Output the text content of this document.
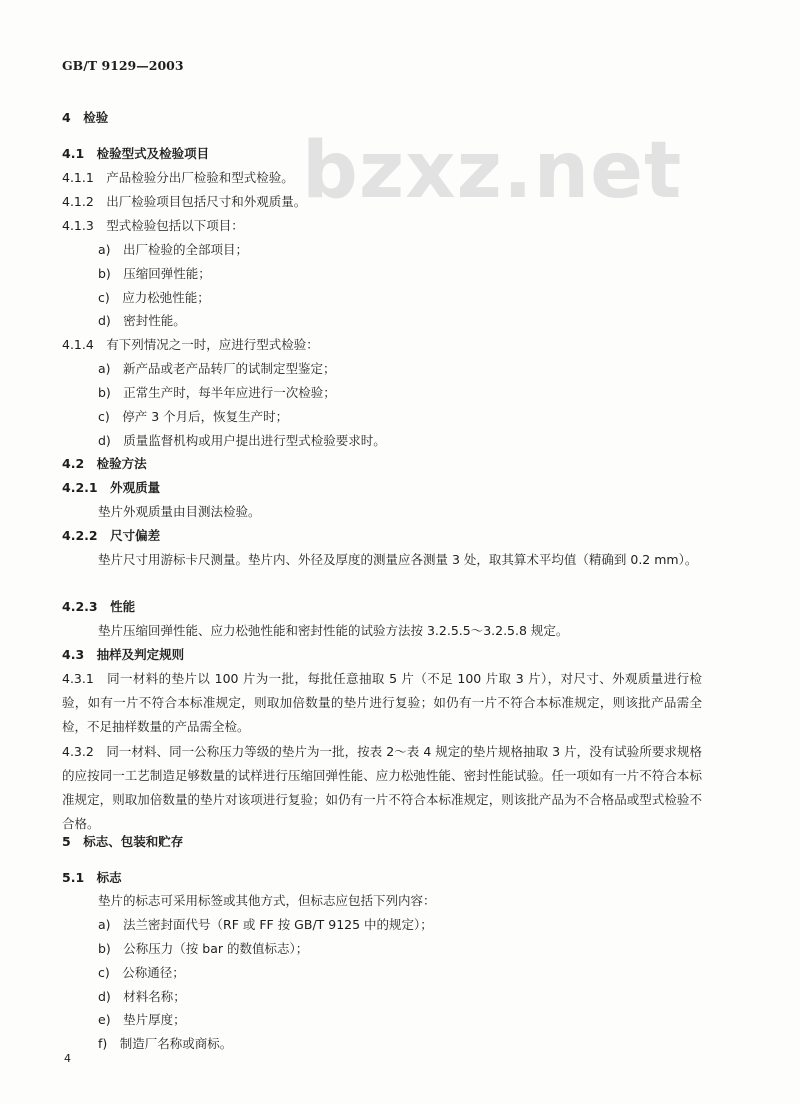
bzxz.net
GB/T 9129—2003
4　检验
4.1　检验型式及检验项目
4.1.1　产品检验分出厂检验和型式检验。
4.1.2　出厂检验项目包括尺寸和外观质量。
4.1.3　型式检验包括以下项目：
a)　出厂检验的全部项目；
b)　压缩回弹性能；
c)　应力松弛性能；
d)　密封性能。
4.1.4　有下列情况之一时，应进行型式检验：
a)　新产品或老产品转厂的试制定型鉴定；
b)　正常生产时，每半年应进行一次检验；
c)　停产 3 个月后，恢复生产时；
d)　质量监督机构或用户提出进行型式检验要求时。
4.2　检验方法
4.2.1　外观质量
垫片外观质量由目测法检验。
4.2.2　尺寸偏差
垫片尺寸用游标卡尺测量。垫片内、外径及厚度的测量应各测量 3 处，取其算术平均值（精确到 0.2 mm）。
4.2.3　性能
垫片压缩回弹性能、应力松弛性能和密封性能的试验方法按 3.2.5.5～3.2.5.8 规定。
4.3　抽样及判定规则
4.3.1　同一材料的垫片以 100 片为一批，每批任意抽取 5 片（不足 100 片取 3 片），对尺寸、外观质量进行检验，如有一片不符合本标准规定，则取加倍数量的垫片进行复验；如仍有一片不符合本标准规定，则该批产品需全检，不足抽样数量的产品需全检。
4.3.2　同一材料、同一公称压力等级的垫片为一批，按表 2～表 4 规定的垫片规格抽取 3 片，没有试验所要求规格的应按同一工艺制造足够数量的试样进行压缩回弹性能、应力松弛性能、密封性能试验。任一项如有一片不符合本标准规定，则取加倍数量的垫片对该项进行复验；如仍有一片不符合本标准规定，则该批产品为不合格品或型式检验不合格。
5　标志、包装和贮存
5.1　标志
垫片的标志可采用标签或其他方式，但标志应包括下列内容：
a)　法兰密封面代号（RF 或 FF 按 GB/T 9125 中的规定）；
b)　公称压力（按 bar 的数值标志）；
c)　公称通径；
d)　材料名称；
e)　垫片厚度；
f)　制造厂名称或商标。
4
